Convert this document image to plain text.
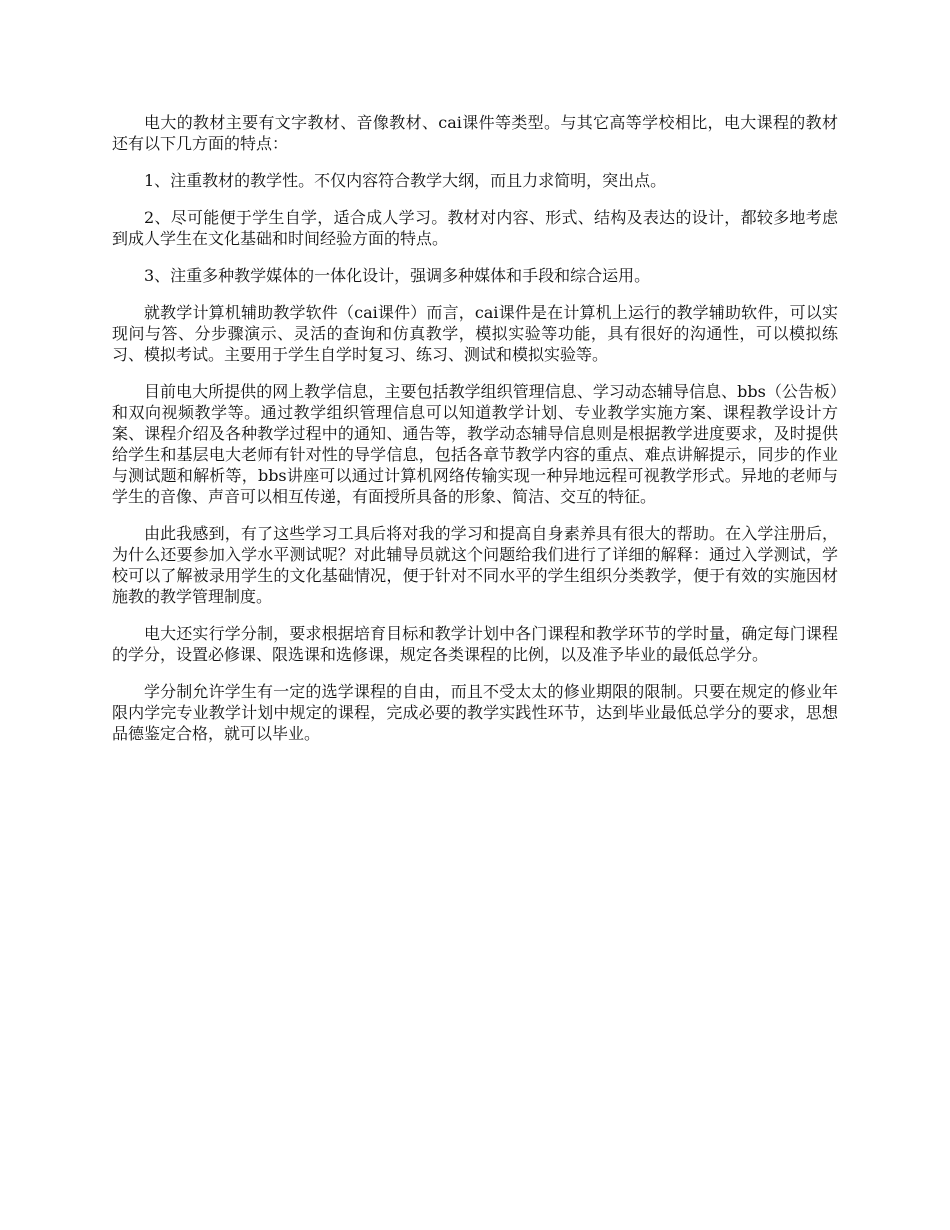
电大的教材主要有文字教材、音像教材、cai课件等类型。与其它高等学校相比，电大课程的教材还有以下几方面的特点：

1、注重教材的教学性。不仅内容符合教学大纲，而且力求简明，突出点。

2、尽可能便于学生自学，适合成人学习。教材对内容、形式、结构及表达的设计，都较多地考虑到成人学生在文化基础和时间经验方面的特点。

3、注重多种教学媒体的一体化设计，强调多种媒体和手段和综合运用。

就教学计算机辅助教学软件（cai课件）而言，cai课件是在计算机上运行的教学辅助软件，可以实现问与答、分步骤演示、灵活的查询和仿真教学，模拟实验等功能，具有很好的沟通性，可以模拟练习、模拟考试。主要用于学生自学时复习、练习、测试和模拟实验等。

目前电大所提供的网上教学信息，主要包括教学组织管理信息、学习动态辅导信息、bbs（公告板）和双向视频教学等。通过教学组织管理信息可以知道教学计划、专业教学实施方案、课程教学设计方案、课程介绍及各种教学过程中的通知、通告等，教学动态辅导信息则是根据教学进度要求，及时提供给学生和基层电大老师有针对性的导学信息，包括各章节教学内容的重点、难点讲解提示，同步的作业与测试题和解析等，bbs讲座可以通过计算机网络传输实现一种异地远程可视教学形式。异地的老师与学生的音像、声音可以相互传递，有面授所具备的形象、简洁、交互的特征。

由此我感到，有了这些学习工具后将对我的学习和提高自身素养具有很大的帮助。在入学注册后，为什么还要参加入学水平测试呢？对此辅导员就这个问题给我们进行了详细的解释：通过入学测试，学校可以了解被录用学生的文化基础情况，便于针对不同水平的学生组织分类教学，便于有效的实施因材施教的教学管理制度。

电大还实行学分制，要求根据培育目标和教学计划中各门课程和教学环节的学时量，确定每门课程的学分，设置必修课、限选课和选修课，规定各类课程的比例，以及准予毕业的最低总学分。

学分制允许学生有一定的选学课程的自由，而且不受太太的修业期限的限制。只要在规定的修业年限内学完专业教学计划中规定的课程，完成必要的教学实践性环节，达到毕业最低总学分的要求，思想品德鉴定合格，就可以毕业。
